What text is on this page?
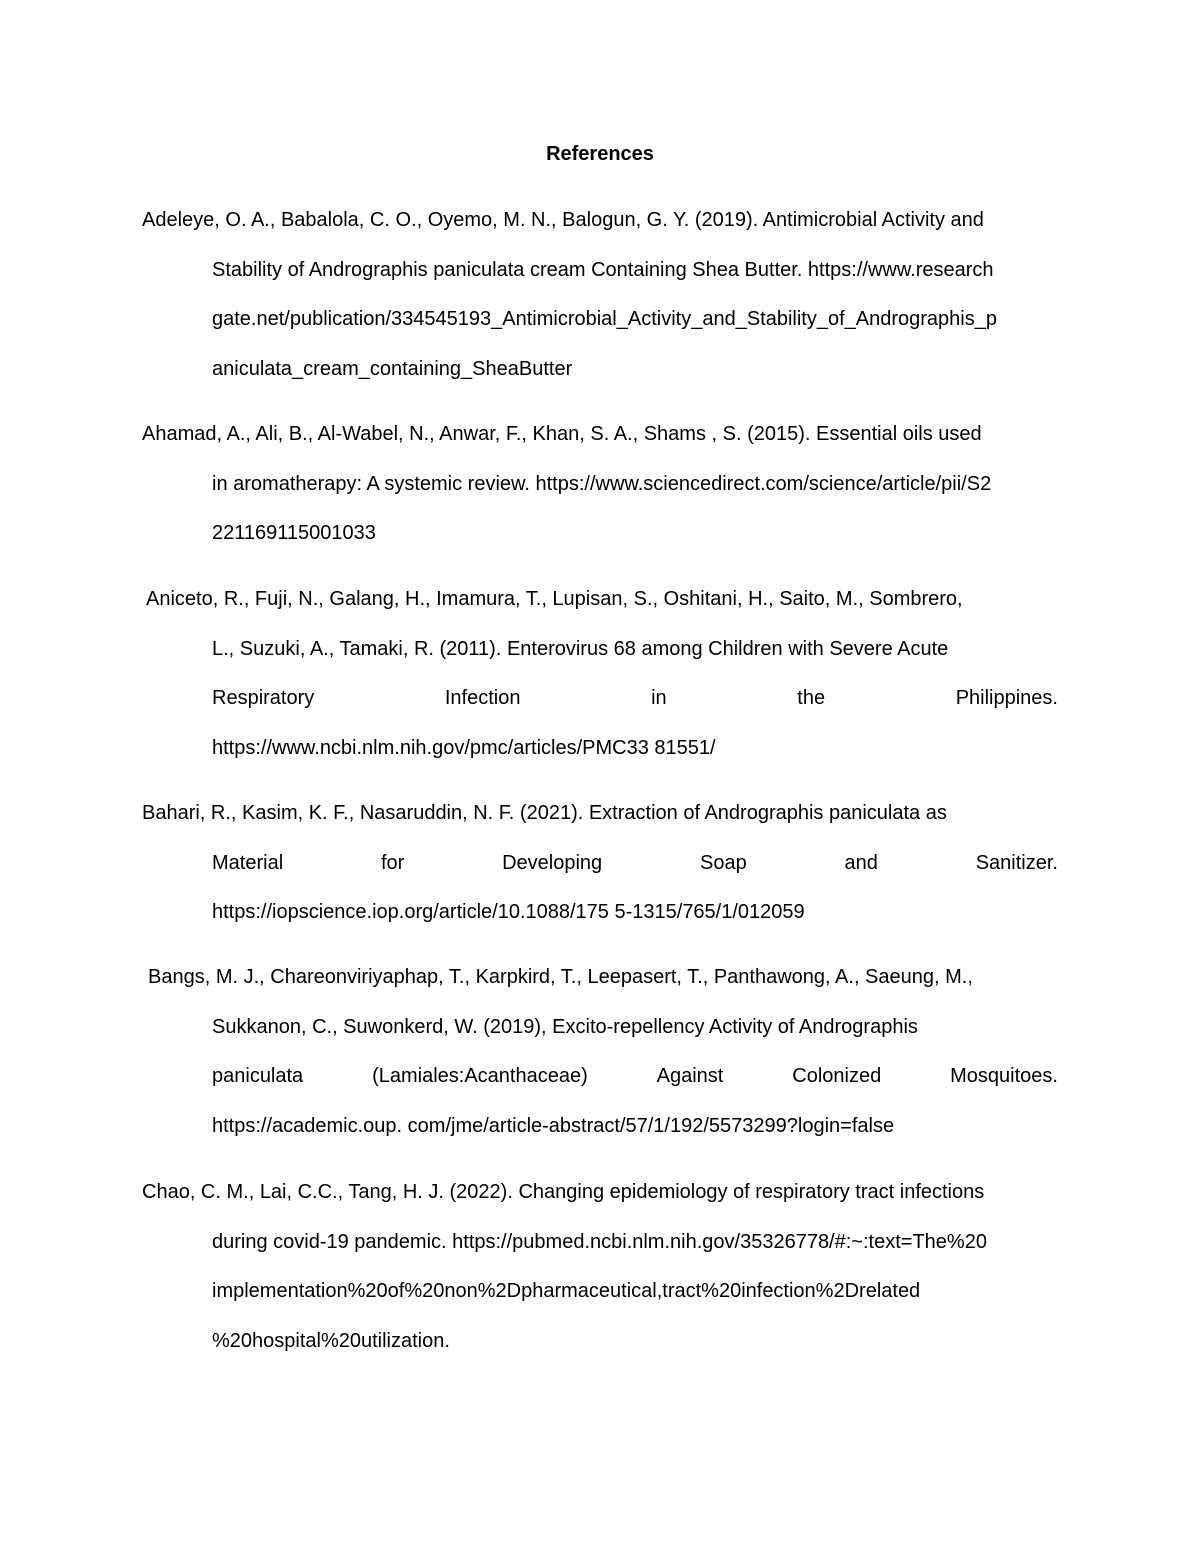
References
Adeleye, O. A., Babalola, C. O., Oyemo, M. N., Balogun, G. Y. (2019). Antimicrobial Activity and
Stability of Andrographis paniculata cream Containing Shea Butter. https://www.research
gate.net/publication/334545193_Antimicrobial_Activity_and_Stability_of_Andrographis_p
aniculata_cream_containing_SheaButter
Ahamad, A., Ali, B., Al-Wabel, N., Anwar, F., Khan, S. A., Shams , S. (2015). Essential oils used
in aromatherapy: A systemic review. https://www.sciencedirect.com/science/article/pii/S2
221169115001033
Aniceto, R., Fuji, N., Galang, H., Imamura, T., Lupisan, S., Oshitani, H., Saito, M., Sombrero,
L., Suzuki, A., Tamaki, R. (2011). Enterovirus 68 among Children with Severe Acute
Respiratory	Infection	in	the	Philippines.
https://www.ncbi.nlm.nih.gov/pmc/articles/PMC33 81551/
Bahari, R., Kasim, K. F., Nasaruddin, N. F. (2021). Extraction of Andrographis paniculata as
Material	for	Developing	Soap	and	Sanitizer.
https://iopscience.iop.org/article/10.1088/175 5-1315/765/1/012059
Bangs, M. J., Chareonviriyaphap, T., Karpkird, T., Leepasert, T., Panthawong, A., Saeung, M.,
Sukkanon, C., Suwonkerd, W. (2019), Excito-repellency Activity of Andrographis
paniculata	(Lamiales:Acanthaceae)	Against	Colonized	Mosquitoes.
https://academic.oup. com/jme/article-abstract/57/1/192/5573299?login=false
Chao, C. M., Lai, C.C., Tang, H. J. (2022). Changing epidemiology of respiratory tract infections
during covid-19 pandemic. https://pubmed.ncbi.nlm.nih.gov/35326778/#:~:text=The%20
implementation%20of%20non%2Dpharmaceutical,tract%20infection%2Drelated
%20hospital%20utilization.
